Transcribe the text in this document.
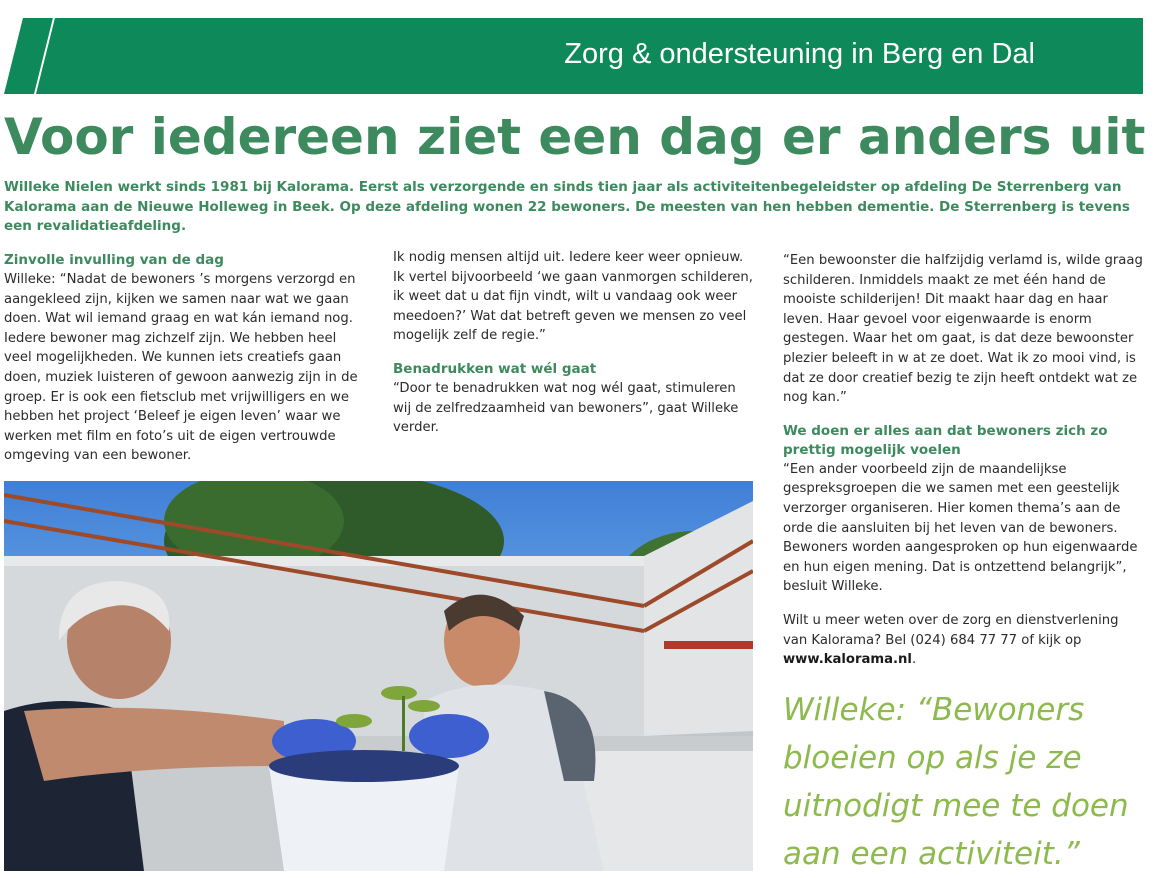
Zorg & ondersteuning in Berg en Dal
Voor iedereen ziet een dag er anders uit

Willeke Nielen werkt sinds 1981 bij Kalorama. Eerst als verzorgende en sinds tien jaar als activiteitenbegeleidster op afdeling De Sterrenberg van Kalorama aan de Nieuwe Holleweg in Beek. Op deze afdeling wonen 22 bewoners. De meesten van hen hebben dementie. De Sterrenberg is tevens een revalidatieafdeling.

Zinvolle invulling van de dag

Willeke: “Nadat de bewoners ’s morgens verzorgd en aangekleed zijn, kijken we samen naar wat we gaan doen. Wat wil iemand graag en wat kán iemand nog. Iedere bewoner mag zichzelf zijn. We hebben heel veel mogelijkheden. We kunnen iets creatiefs gaan doen, muziek luisteren of gewoon aanwezig zijn in de groep. Er is ook een fietsclub met vrijwilligers en we hebben het project ‘Beleef je eigen leven’ waar we werken met film en foto’s uit de eigen vertrouwde omgeving van een bewoner.

Ik nodig mensen altijd uit. Iedere keer weer opnieuw. Ik vertel bijvoorbeeld ‘we gaan vanmorgen schilderen, ik weet dat u dat fijn vindt, wilt u vandaag ook weer meedoen?’ Wat dat betreft geven we mensen zo veel mogelijk zelf de regie.”

Benadrukken wat wél gaat

“Door te benadrukken wat nog wél gaat, stimuleren wij de zelfredzaamheid van bewoners”, gaat Willeke verder.

“Een bewoonster die halfzijdig verlamd is, wilde graag schilderen. Inmiddels maakt ze met één hand de mooiste schilderijen! Dit maakt haar dag en haar leven. Haar gevoel voor eigenwaarde is enorm gestegen. Waar het om gaat, is dat deze bewoonster plezier beleeft in w at ze doet. Wat ik zo mooi vind, is dat ze door creatief bezig te zijn heeft ontdekt wat ze nog kan.”

We doen er alles aan dat bewoners zich zo prettig mogelijk voelen

“Een ander voorbeeld zijn de maandelijkse gespreksgroepen die we samen met een geestelijk verzorger organiseren. Hier komen thema’s aan de orde die aansluiten bij het leven van de bewoners. Bewoners worden aangesproken op hun eigenwaarde en hun eigen mening. Dat is ontzettend belangrijk”, besluit Willeke.

Wilt u meer weten over de zorg en dienstverlening van Kalorama? Bel (024) 684 77 77 of kijk op www.kalorama.nl.

Willeke: “Bewoners bloeien op als je ze uitnodigt mee te doen aan een activiteit.”
